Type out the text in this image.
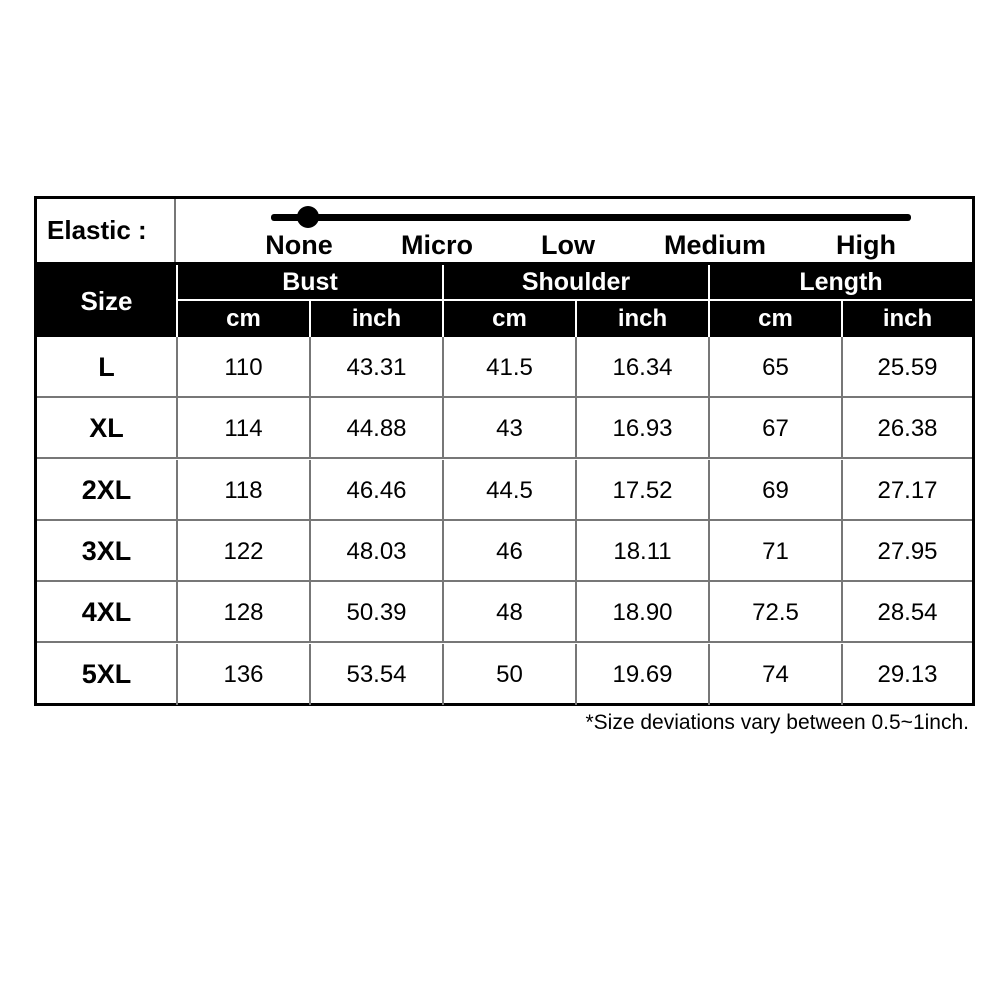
Elastic :	None	Micro	Low	Medium	High
Size
Bust	Shoulder	Length
cm	inch	cm	inch	cm	inch
L	110	43.31	41.5	16.34	65	25.59
XL	114	44.88	43	16.93	67	26.38
2XL	118	46.46	44.5	17.52	69	27.17
3XL	122	48.03	46	18.11	71	27.95
4XL	128	50.39	48	18.90	72.5	28.54
5XL	136	53.54	50	19.69	74	29.13
*Size deviations vary between 0.5~1inch.
